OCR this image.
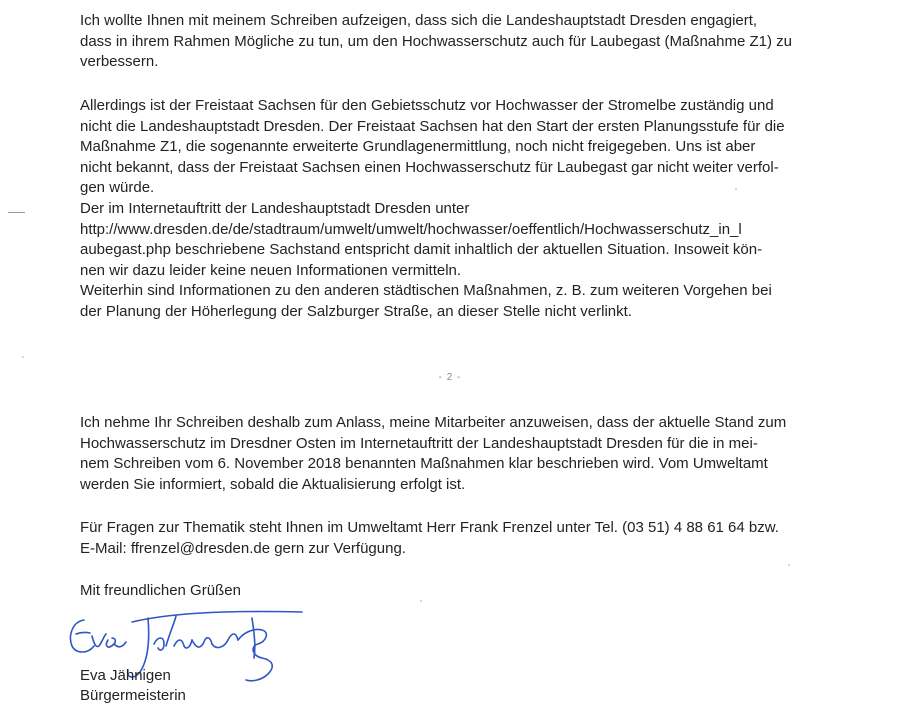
Ich wollte Ihnen mit meinem Schreiben aufzeigen, dass sich die Landeshauptstadt Dresden engagiert,
dass in ihrem Rahmen Mögliche zu tun, um den Hochwasserschutz auch für Laubegast (Maßnahme Z1) zu
verbessern.

Allerdings ist der Freistaat Sachsen für den Gebietsschutz vor Hochwasser der Stromelbe zuständig und
nicht die Landeshauptstadt Dresden. Der Freistaat Sachsen hat den Start der ersten Planungsstufe für die
Maßnahme Z1, die sogenannte erweiterte Grundlagenermittlung, noch nicht freigegeben. Uns ist aber
nicht bekannt, dass der Freistaat Sachsen einen Hochwasserschutz für Laubegast gar nicht weiter verfol-
gen würde.
Der im Internetauftritt der Landeshauptstadt Dresden unter
http://www.dresden.de/de/stadtraum/umwelt/umwelt/hochwasser/oeffentlich/Hochwasserschutz_in_l
aubegast.php beschriebene Sachstand entspricht damit inhaltlich der aktuellen Situation. Insoweit kön-
nen wir dazu leider keine neuen Informationen vermitteln.
Weiterhin sind Informationen zu den anderen städtischen Maßnahmen, z. B. zum weiteren Vorgehen bei
der Planung der Höherlegung der Salzburger Straße, an dieser Stelle nicht verlinkt.

- 2 -

Ich nehme Ihr Schreiben deshalb zum Anlass, meine Mitarbeiter anzuweisen, dass der aktuelle Stand zum
Hochwasserschutz im Dresdner Osten im Internetauftritt der Landeshauptstadt Dresden für die in mei-
nem Schreiben vom 6. November 2018 benannten Maßnahmen klar beschrieben wird. Vom Umweltamt
werden Sie informiert, sobald die Aktualisierung erfolgt ist.

Für Fragen zur Thematik steht Ihnen im Umweltamt Herr Frank Frenzel unter Tel. (03 51) 4 88 61 64 bzw.
E-Mail: ffrenzel@dresden.de gern zur Verfügung.

Mit freundlichen Grüßen

Eva Jähnigen

Bürgermeisterin
